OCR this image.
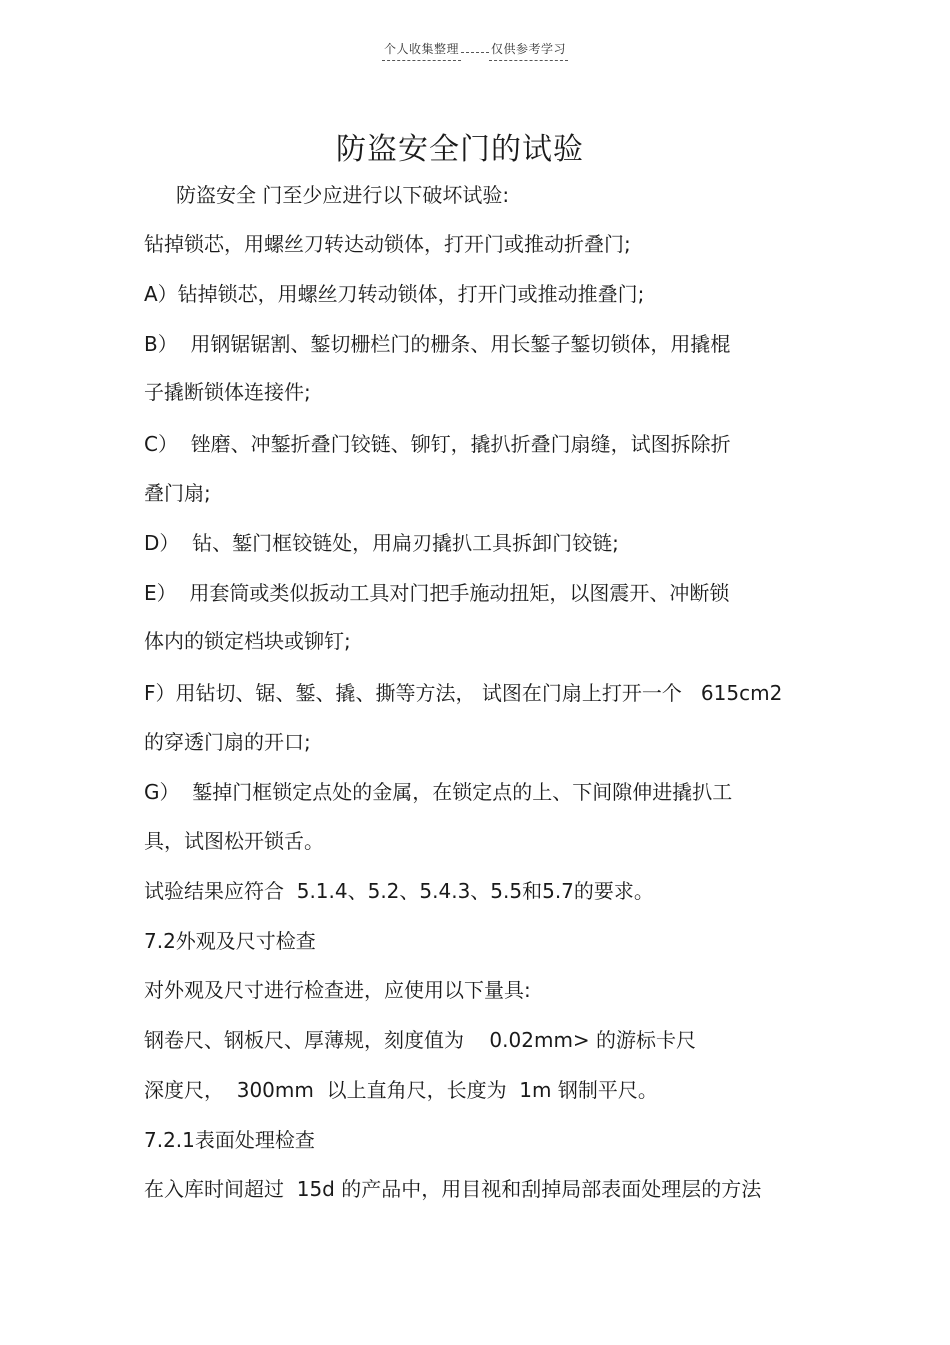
个人收集整理	仅供参考学习
防盗安全门的试验
防盗安全 门至少应进行以下破坏试验:
钻掉锁芯，用螺丝刀转达动锁体，打开门或推动折叠门;
A）钻掉锁芯，用螺丝刀转动锁体，打开门或推动推叠门;
B）  用钢锯锯割、錾切栅栏门的栅条、用长錾子錾切锁体，用撬棍
子撬断锁体连接件;
C）  锉磨、冲錾折叠门铰链、铆钉，撬扒折叠门扇缝，试图拆除折
叠门扇;
D）  钻、錾门框铰链处，用扁刃撬扒工具拆卸门铰链;
E）  用套筒或类似扳动工具对门把手施动扭矩，以图震开、冲断锁
体内的锁定档块或铆钉;
F）用钻切、锯、錾、撬、撕等方法， 试图在门扇上打开一个   615cm2
的穿透门扇的开口;
G）  錾掉门框锁定点处的金属，在锁定点的上、下间隙伸进撬扒工
具，试图松开锁舌。
试验结果应符合  5.1.4、5.2、5.4.3、5.5和5.7的要求。
7.2外观及尺寸检查
对外观及尺寸进行检查进，应使用以下量具:
钢卷尺、钢板尺、厚薄规，刻度值为    0.02mm> 的游标卡尺
深度尺，  300mm  以上直角尺，长度为  1m 钢制平尺。
7.2.1表面处理检查
在入库时间超过  15d 的产品中，用目视和刮掉局部表面处理层的方法
